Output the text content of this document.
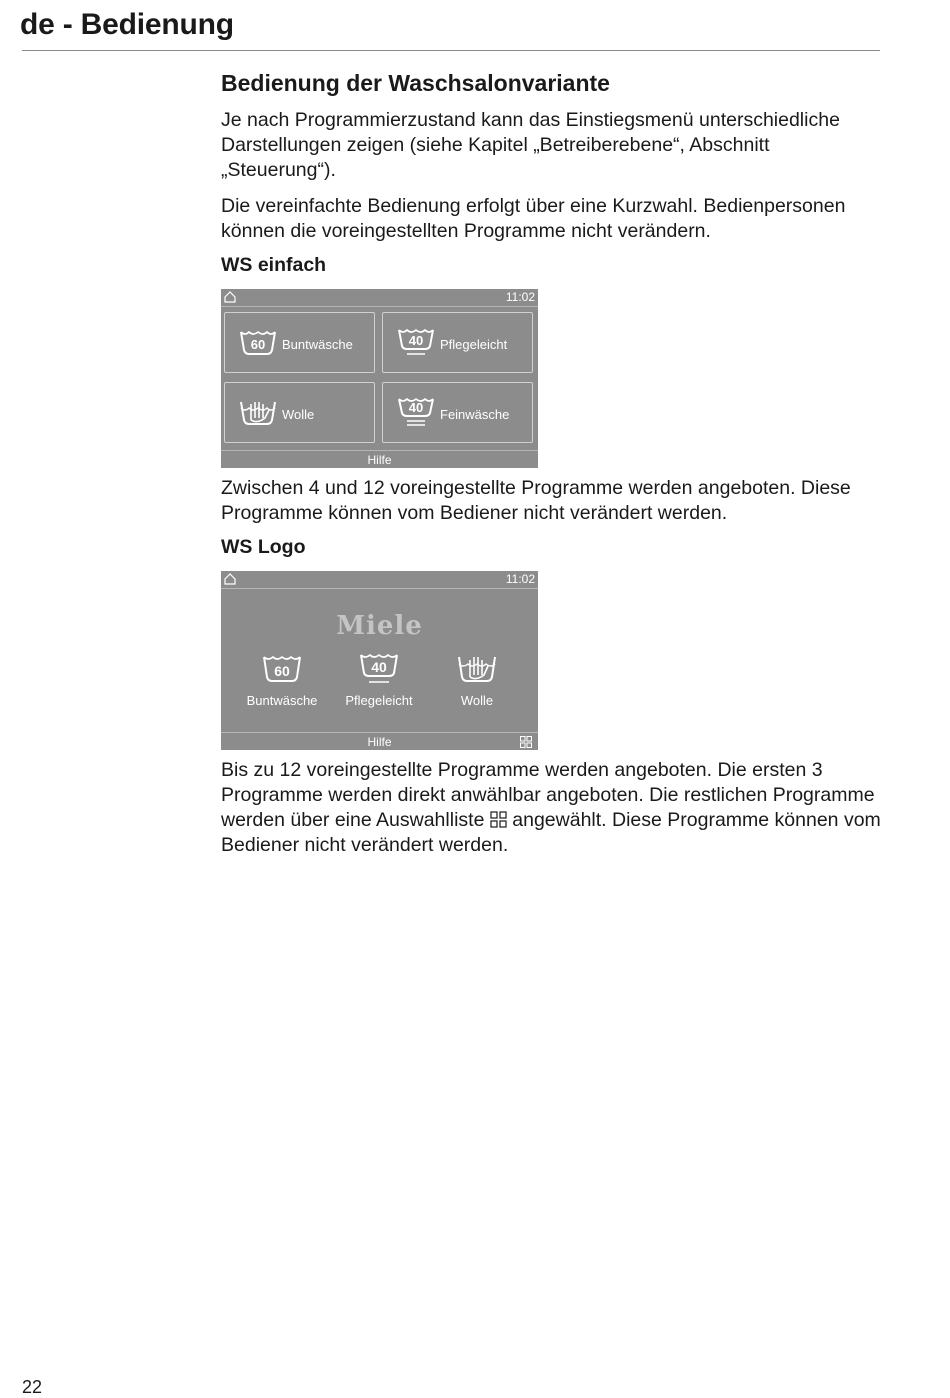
de - Bedienung
Bedienung der Waschsalonvariante

Je nach Programmierzustand kann das Einstiegsmenü unterschiedliche Darstellungen zeigen (siehe Kapitel „Betreiberebene“, Abschnitt „Steuerung“).

Die vereinfachte Bedienung erfolgt über eine Kurzwahl. Bedienpersonen können die voreingestellten Programme nicht verändern.

WS einfach
11:02
60 Buntwäsche	40 Pflegeleicht
Wolle	40 Feinwäsche
Hilfe

Zwischen 4 und 12 voreingestellte Programme werden angeboten. Diese Programme können vom Bediener nicht verändert werden.

WS Logo
11:02
Miele
60
Buntwäsche
40
Pflegeleicht	Wolle
Hilfe

Bis zu 12 voreingestellte Programme werden angeboten. Die ersten 3 Programme werden direkt anwählbar angeboten. Die restlichen Programme werden über eine Auswahlliste angewählt. Diese Programme können vom Bediener nicht verändert werden.

22
